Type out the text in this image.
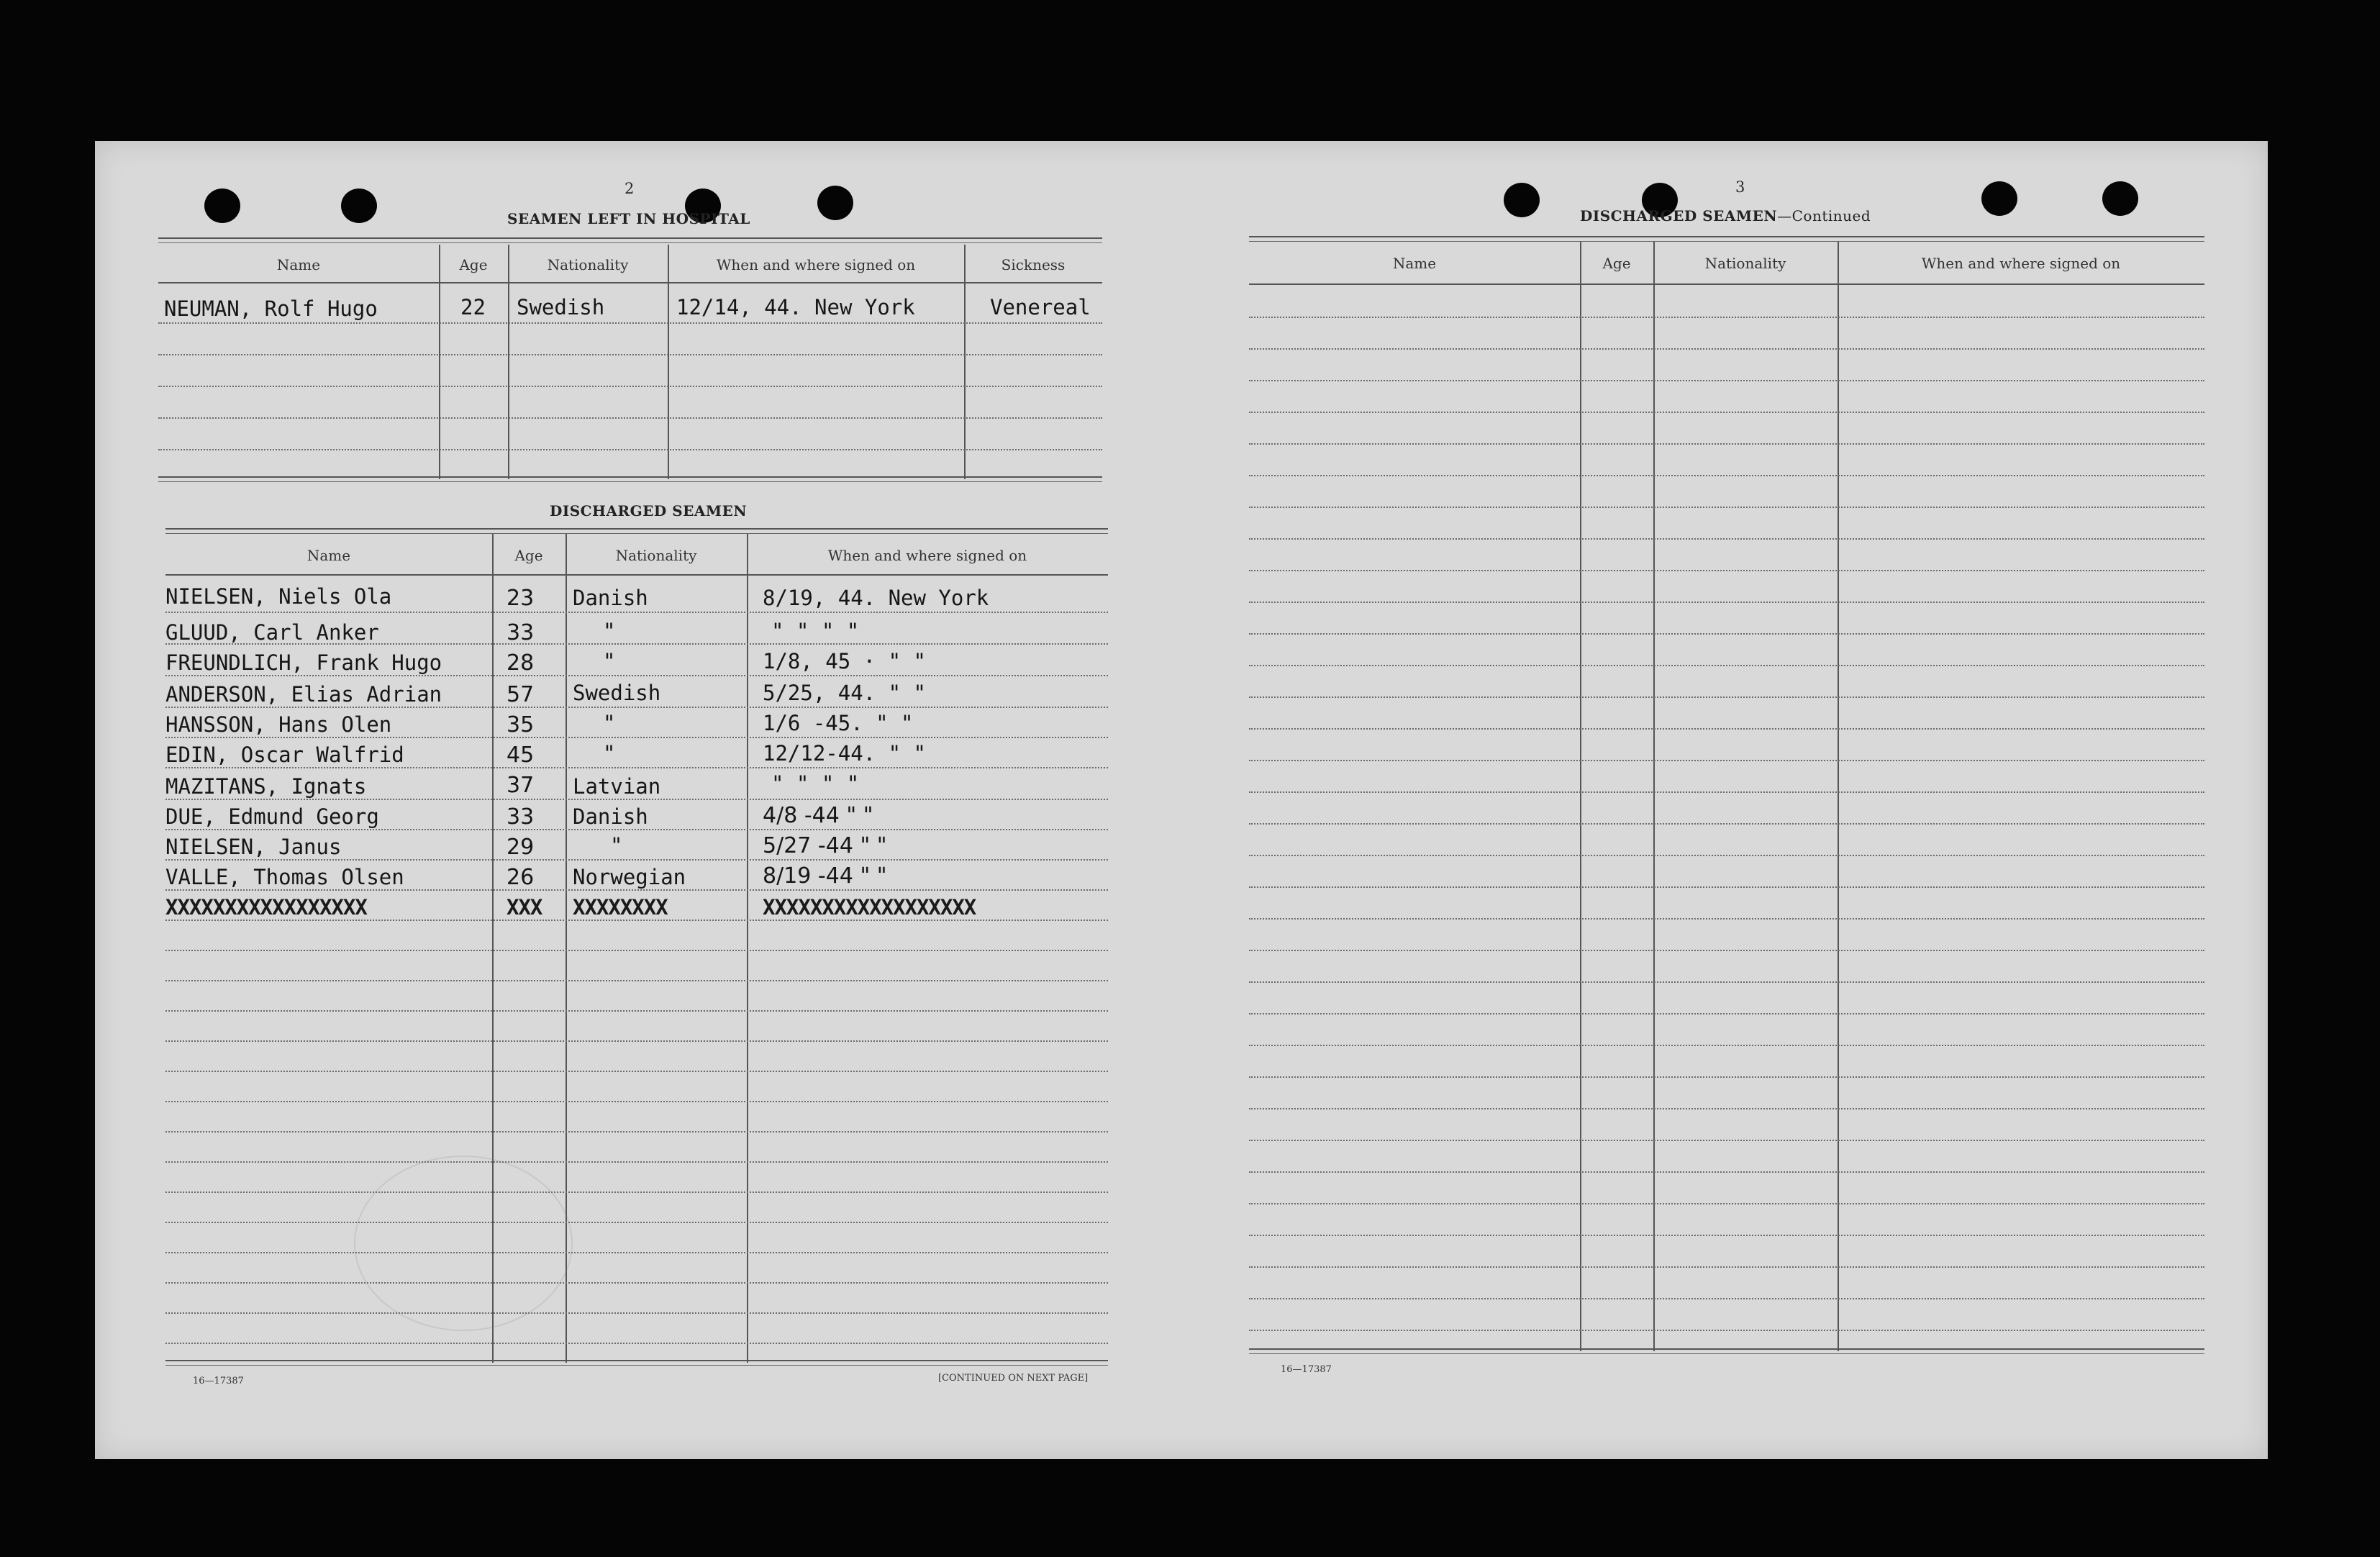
2
SEAMEN LEFT IN HOSPITAL
Name	Age	Nationality	When and where signed on	Sickness
NEUMAN, Rolf Hugo	22 Swedish	12/14, 44. New York	Venereal
DISCHARGED SEAMEN
Name	Age	Nationality	When and where signed on
NIELSEN, Niels Ola	23 Danish	8/19, 44. New York
GLUUD, Carl Anker	33	"	" " " "
FREUNDLICH, Frank Hugo	28	"	1/8, 45 · " "
ANDERSON, Elias Adrian	57 Swedish	5/25, 44. " "
HANSSON, Hans Olen	35	"	1/6 -45. " "
EDIN, Oscar Walfrid	45	"	12/12-44. " "
MAZITANS, Ignats	37 Latvian	" " " "
DUE, Edmund Georg	33 Danish	4/8 -44 " "
NIELSEN, Janus	29	"	5/27 -44 " "
VALLE, Thomas Olsen	26 Norwegian	8/19 -44 " "
XXXXXXXXXXXXXXXXX	XXX XXXXXXXX	XXXXXXXXXXXXXXXXXX
16—17387	[CONTINUED ON NEXT PAGE]
3
DISCHARGED SEAMEN—Continued
Name	Age	Nationality	When and where signed on
16—17387
